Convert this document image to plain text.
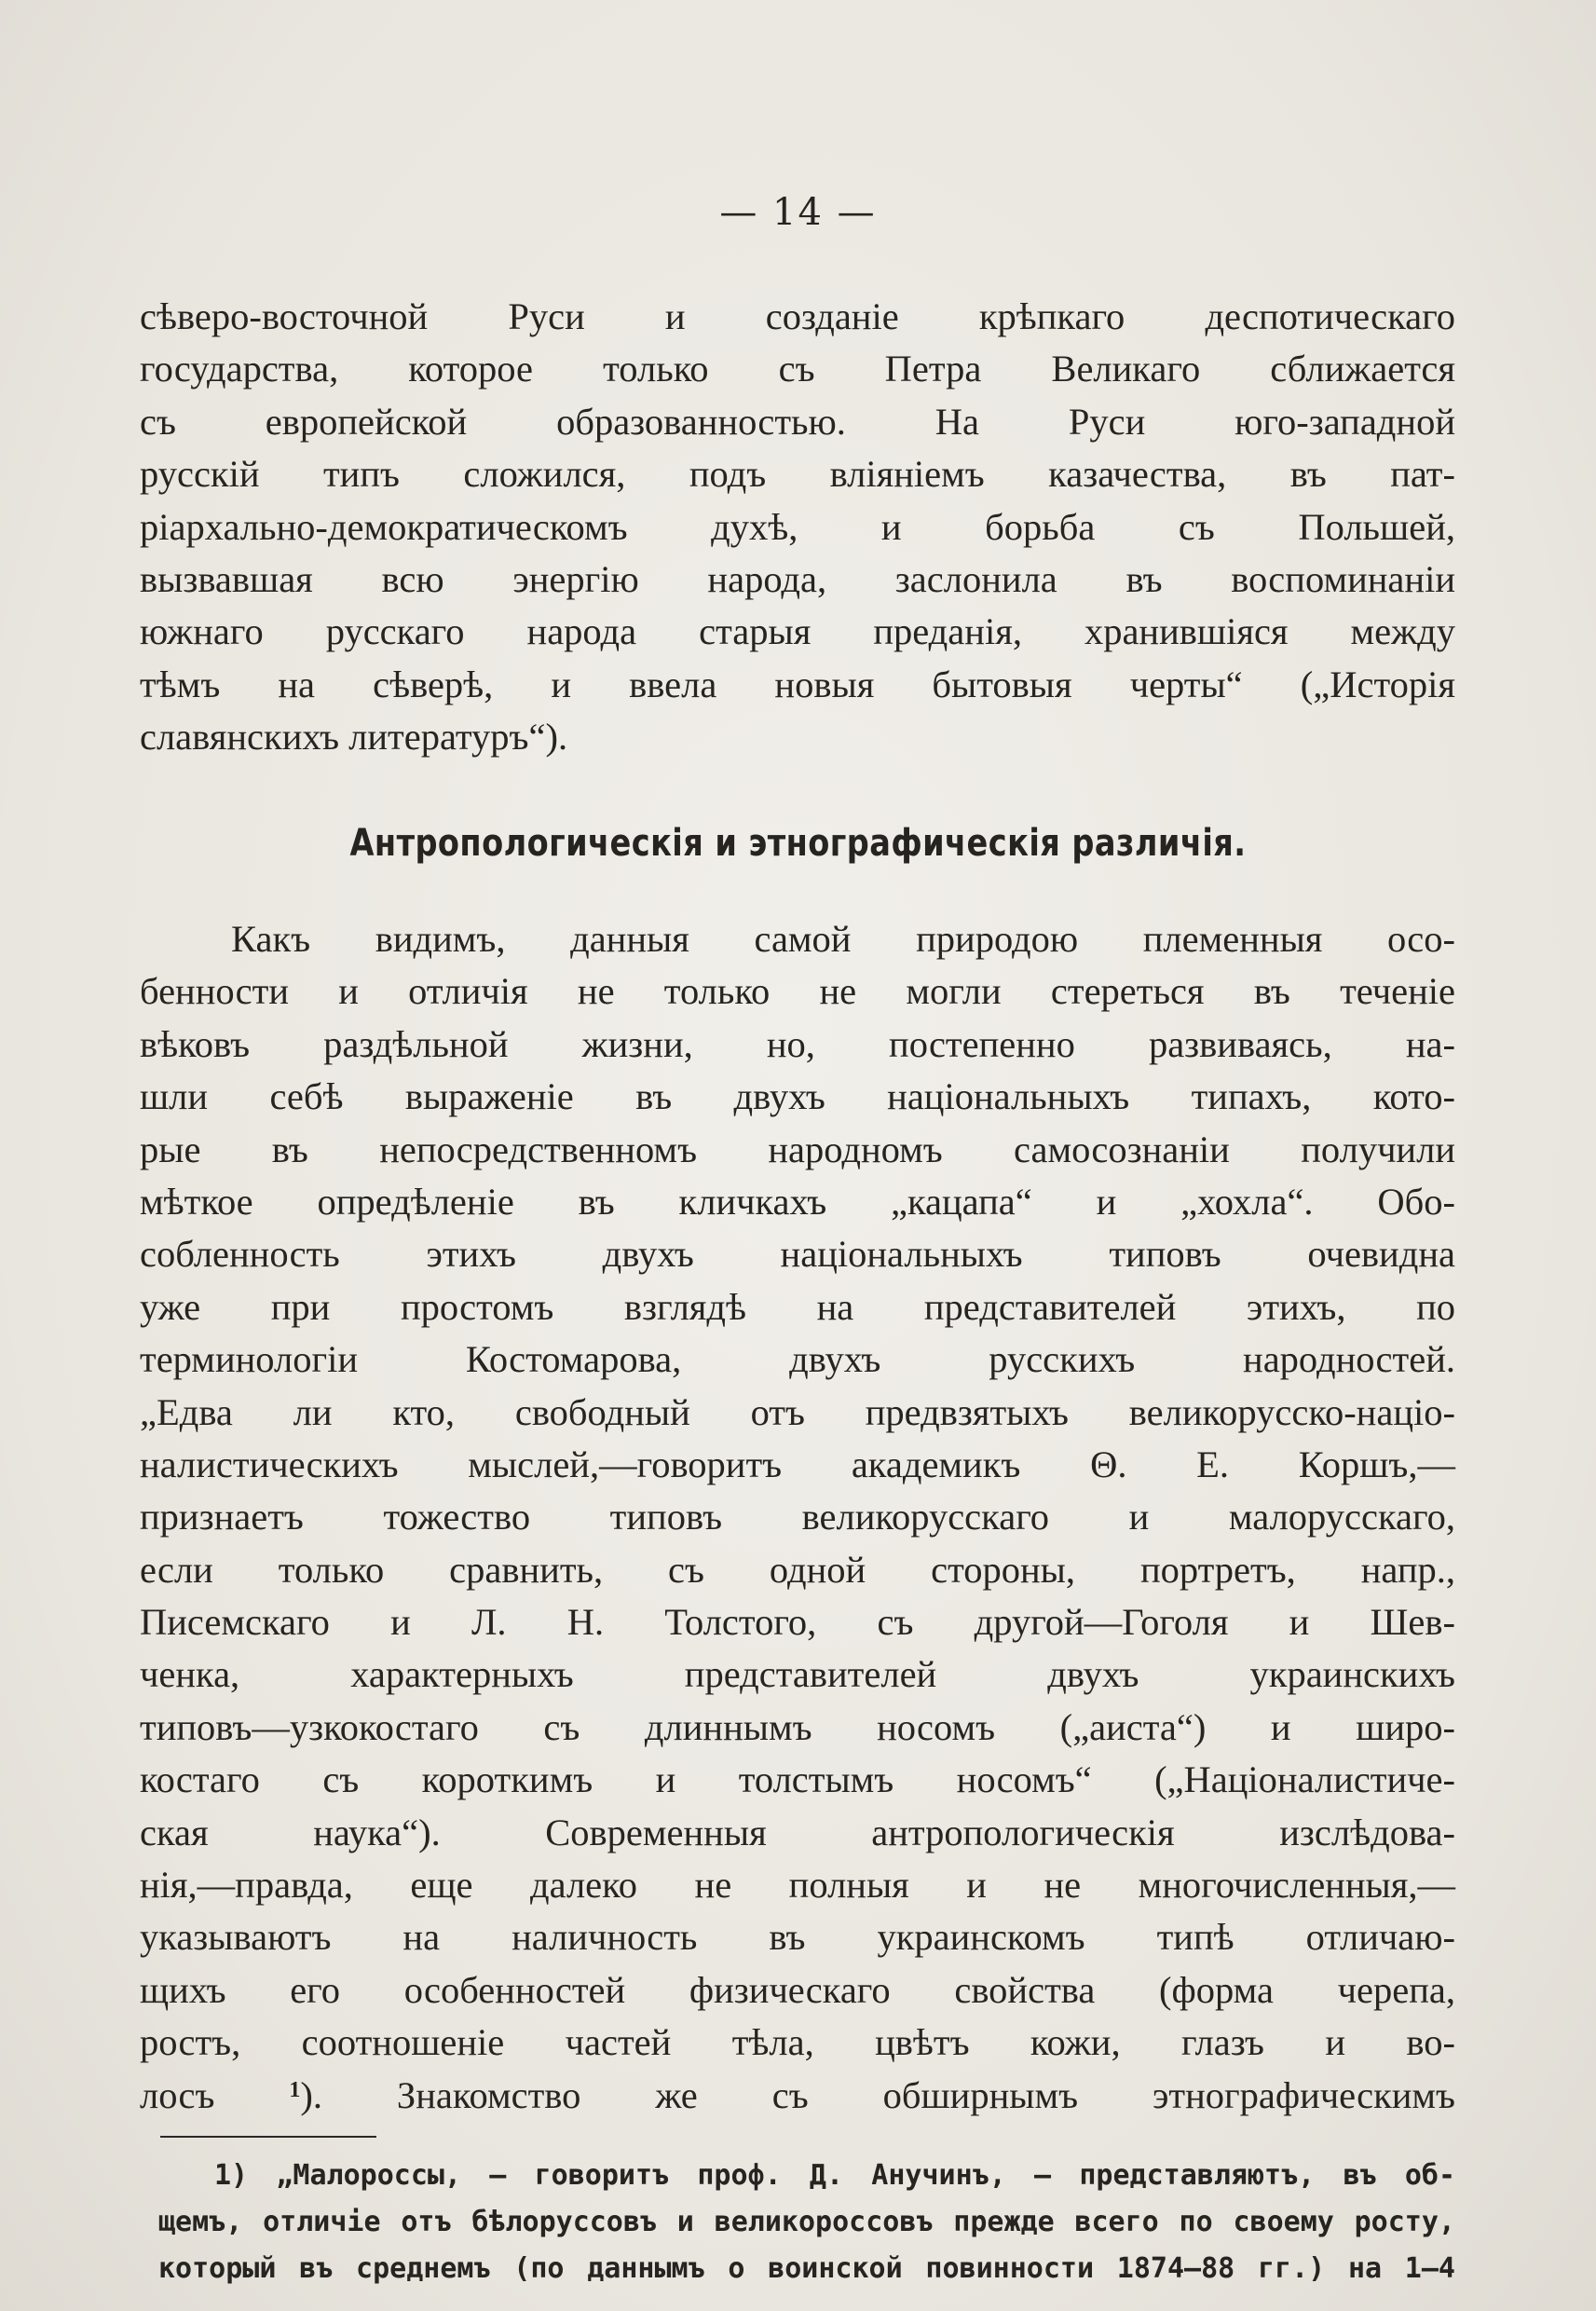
— 14 —
сѣверо-восточной Руси и созданіе крѣпкаго деспотическаго
государства, которое только съ Петра Великаго сближается
съ европейской образованностью. На Руси юго-западной
русскій типъ сложился, подъ вліяніемъ казачества, въ пат-
ріархально-демократическомъ духѣ, и борьба съ Польшей,
вызвавшая всю энергію народа, заслонила въ воспоминаніи
южнаго русскаго народа старыя преданія, хранившіяся между
тѣмъ на сѣверѣ, и ввела новыя бытовыя черты“ („Исторія
славянскихъ литературъ“).
Антропологическія и этнографическія различія.
Какъ видимъ, данныя самой природою племенныя осо-
бенности и отличія не только не могли стереться въ теченіе
вѣковъ раздѣльной жизни, но, постепенно развиваясь, на-
шли себѣ выраженіе въ двухъ національныхъ типахъ, кото-
рые въ непосредственномъ народномъ самосознаніи получили
мѣткое опредѣленіе въ кличкахъ „кацапа“ и „хохла“. Обо-
собленность этихъ двухъ національныхъ типовъ очевидна
уже при простомъ взглядѣ на представителей этихъ, по
терминологіи Костомарова, двухъ русскихъ народностей.
„Едва ли кто, свободный отъ предвзятыхъ великорусско-націо-
налистическихъ мыслей,—говоритъ академикъ Θ. Е. Коршъ,—
признаетъ тожество типовъ великорусскаго и малорусскаго,
если только сравнить, съ одной стороны, портретъ, напр.,
Писемскаго и Л. Н. Толстого, съ другой—Гоголя и Шев-
ченка, характерныхъ представителей двухъ украинскихъ
типовъ—узкокостаго съ длиннымъ носомъ („аиста“) и широ-
костаго съ короткимъ и толстымъ носомъ“ („Націоналистиче-
ская наука“). Современныя антропологическія изслѣдова-
нія,—правда, еще далеко не полныя и не многочисленныя,—
указываютъ на наличность въ украинскомъ типѣ отличаю-
щихъ его особенностей физическаго свойства (форма черепа,
ростъ, соотношеніе частей тѣла, цвѣтъ кожи, глазъ и во-
лосъ	$^1$). Знакомство же съ обширнымъ этнографическимъ
1) „Малороссы, — говоритъ проф. Д. Анучинъ, — представляютъ, въ об-
щемъ, отличіе отъ бѣлоруссовъ и великороссовъ прежде всего по своему росту,
который въ среднемъ (по даннымъ о воинской повинности 1874—88 гг.) на 1—4
